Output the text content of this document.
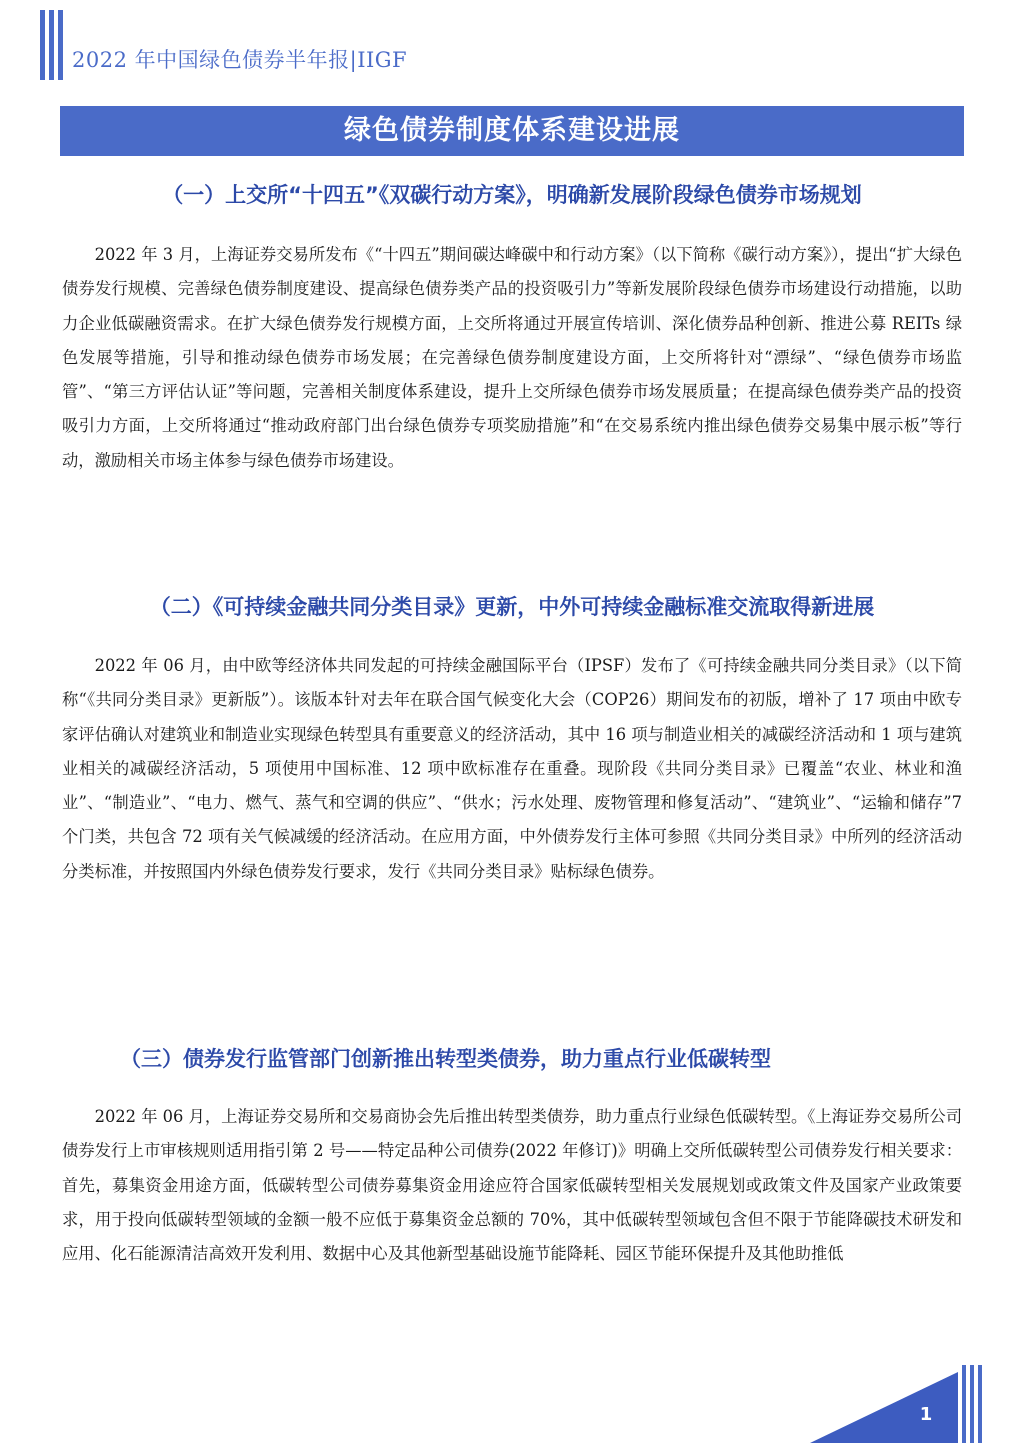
2022 年中国绿色债券半年报|IIGF
绿色债券制度体系建设进展
（一）上交所“十四五”《双碳行动方案》，明确新发展阶段绿色债券市场规划

2022 年 3 月，上海证券交易所发布《“十四五”期间碳达峰碳中和行动方案》（以下简称《碳行动方案》），提出“扩大绿色债券发行规模、完善绿色债券制度建设、提高绿色债券类产品的投资吸引力”等新发展阶段绿色债券市场建设行动措施，以助力企业低碳融资需求。在扩大绿色债券发行规模方面，上交所将通过开展宣传培训、深化债券品种创新、推进公募 REITs 绿色发展等措施，引导和推动绿色债券市场发展；在完善绿色债券制度建设方面，上交所将针对“漂绿”、“绿色债券市场监管”、“第三方评估认证”等问题，完善相关制度体系建设，提升上交所绿色债券市场发展质量；在提高绿色债券类产品的投资吸引力方面，上交所将通过“推动政府部门出台绿色债券专项奖励措施”和“在交易系统内推出绿色债券交易集中展示板”等行动，激励相关市场主体参与绿色债券市场建设。

（二）《可持续金融共同分类目录》更新，中外可持续金融标准交流取得新进展

2022 年 06 月，由中欧等经济体共同发起的可持续金融国际平台（IPSF）发布了《可持续金融共同分类目录》（以下简称“《共同分类目录》更新版”）。该版本针对去年在联合国气候变化大会（COP26）期间发布的初版，增补了 17 项由中欧专家评估确认对建筑业和制造业实现绿色转型具有重要意义的经济活动，其中 16 项与制造业相关的减碳经济活动和 1 项与建筑业相关的减碳经济活动，5 项使用中国标准、12 项中欧标准存在重叠。现阶段《共同分类目录》已覆盖“农业、林业和渔业”、“制造业”、“电力、燃气、蒸气和空调的供应”、“供水；污水处理、废物管理和修复活动”、“建筑业”、“运输和储存”7 个门类，共包含 72 项有关气候减缓的经济活动。在应用方面，中外债券发行主体可参照《共同分类目录》中所列的经济活动分类标准，并按照国内外绿色债券发行要求，发行《共同分类目录》贴标绿色债券。

（三）债券发行监管部门创新推出转型类债券，助力重点行业低碳转型

2022 年 06 月，上海证券交易所和交易商协会先后推出转型类债券，助力重点行业绿色低碳转型。《上海证券交易所公司债券发行上市审核规则适用指引第 2 号——特定品种公司债券(2022 年修订)》明确上交所低碳转型公司债券发行相关要求：首先，募集资金用途方面，低碳转型公司债券募集资金用途应符合国家低碳转型相关发展规划或政策文件及国家产业政策要求，用于投向低碳转型领域的金额一般不应低于募集资金总额的 70%，其中低碳转型领域包含但不限于节能降碳技术研发和应用、化石能源清洁高效开发利用、数据中心及其他新型基础设施节能降耗、园区节能环保提升及其他助推低

1
